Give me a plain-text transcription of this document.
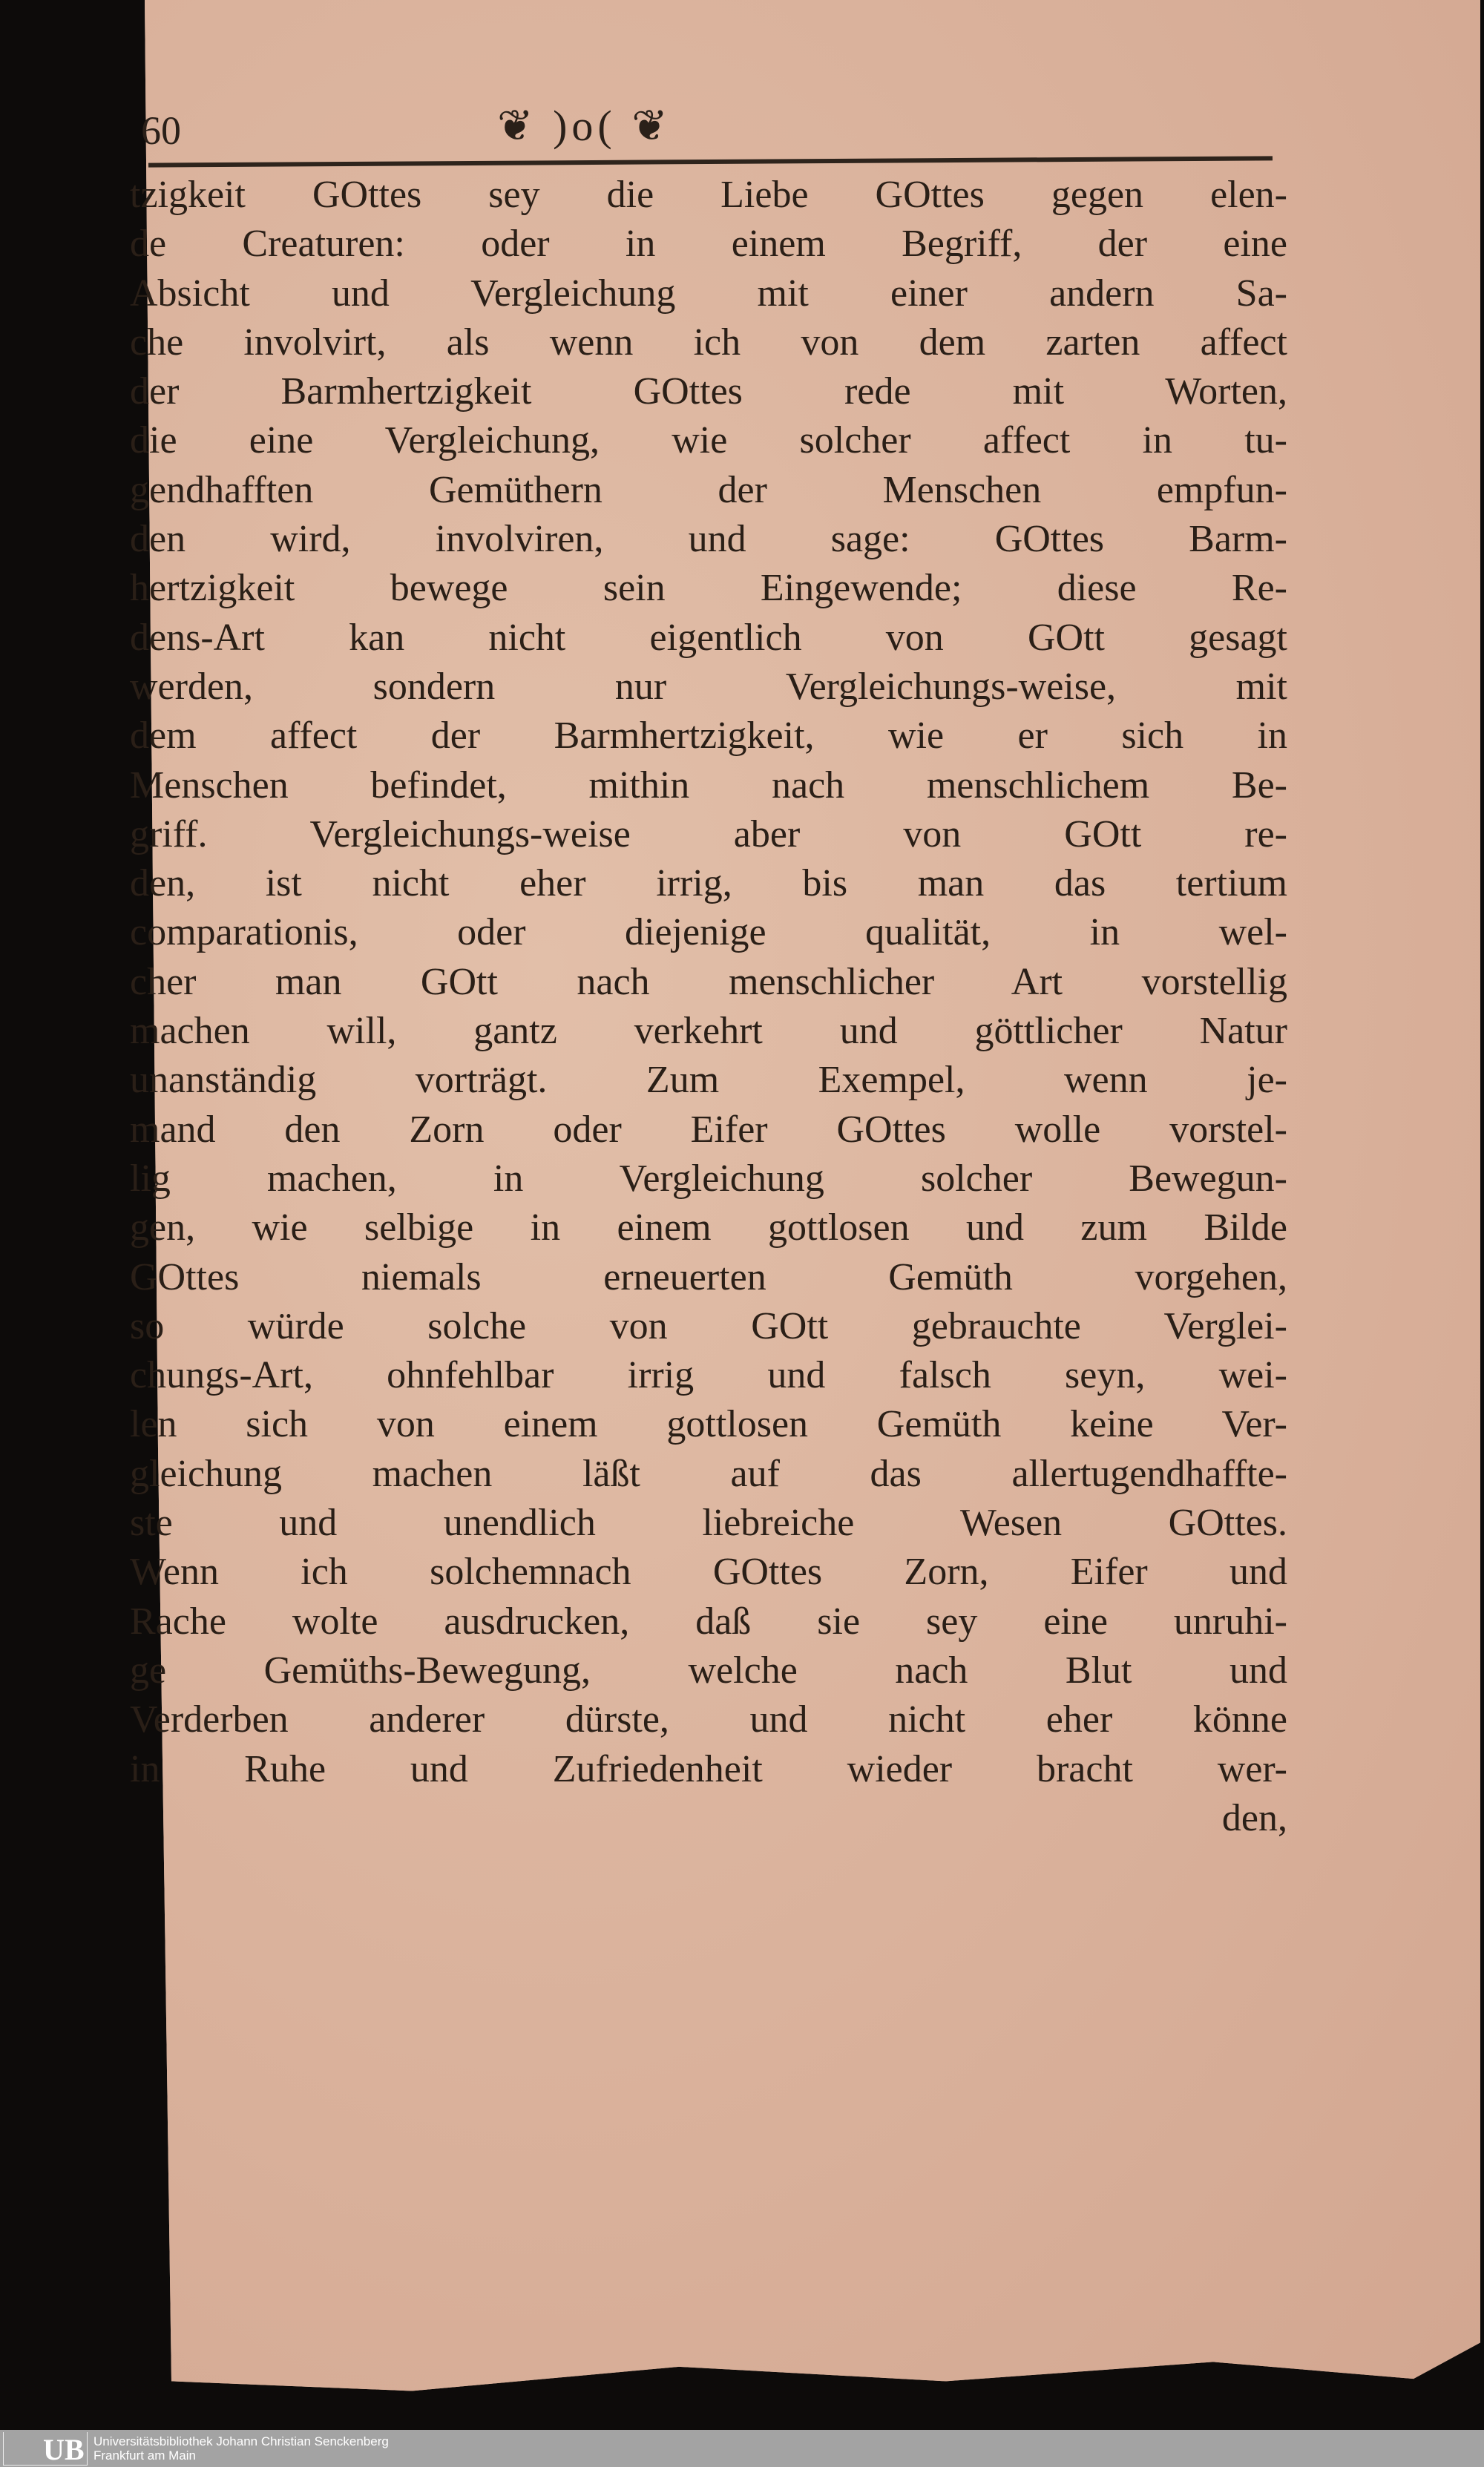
60	❦ )o( ❦
tzigkeit GOttes sey die Liebe GOttes gegen elen-
de Creaturen: oder in einem Begriff, der eine
Absicht und Vergleichung mit einer andern Sa-
che involvirt, als wenn ich von dem zarten affect
der Barmhertzigkeit GOttes rede mit Worten,
die eine Vergleichung, wie solcher affect in tu-
gendhafften Gemüthern der Menschen empfun-
den wird, involviren, und sage: GOttes Barm-
hertzigkeit bewege sein Eingewende; diese Re-
dens-Art kan nicht eigentlich von GOtt gesagt
werden, sondern nur Vergleichungs-weise, mit
dem affect der Barmhertzigkeit, wie er sich in
Menschen befindet, mithin nach menschlichem Be-
griff. Vergleichungs-weise aber von GOtt re-
den, ist nicht eher irrig, bis man das tertium
comparationis, oder diejenige qualität, in wel-
cher man GOtt nach menschlicher Art vorstellig
machen will, gantz verkehrt und göttlicher Natur
unanständig vorträgt. Zum Exempel, wenn je-
mand den Zorn oder Eifer GOttes wolle vorstel-
lig machen, in Vergleichung solcher Bewegun-
gen, wie selbige in einem gottlosen und zum Bilde
GOttes niemals erneuerten Gemüth vorgehen,
so würde solche von GOtt gebrauchte Verglei-
chungs-Art, ohnfehlbar irrig und falsch seyn, wei-
len sich von einem gottlosen Gemüth keine Ver-
gleichung machen läßt auf das allertugendhaffte-
ste und unendlich liebreiche Wesen GOttes.
Wenn ich solchemnach GOttes Zorn, Eifer und
Rache wolte ausdrucken, daß sie sey eine unruhi-
ge Gemüths-Bewegung, welche nach Blut und
Verderben anderer dürste, und nicht eher könne
in Ruhe und Zufriedenheit wieder bracht wer-
den,
UB Universitätsbibliothek Johann Christian Senckenberg
Frankfurt am Main
